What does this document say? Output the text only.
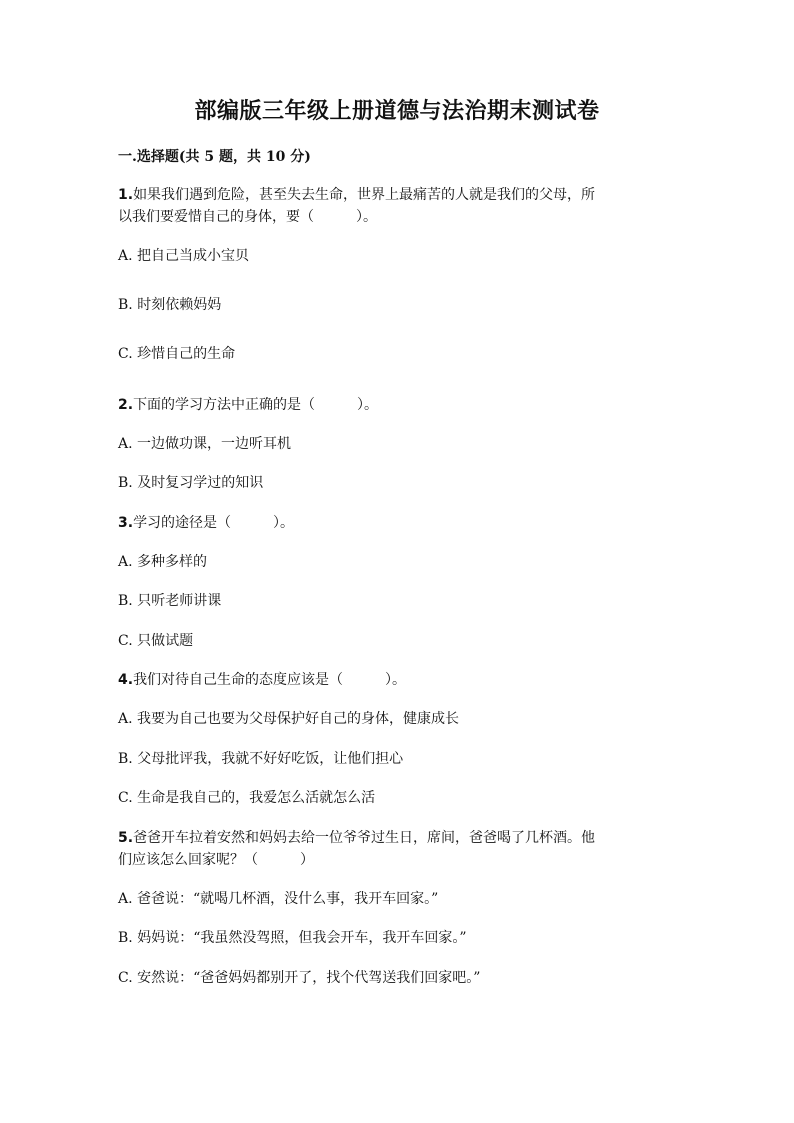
部编版三年级上册道德与法治期末测试卷
一.选择题(共 5 题，共 10 分)
1.如果我们遇到危险，甚至失去生命，世界上最痛苦的人就是我们的父母，所
以我们要爱惜自己的身体，要（　　　）。
A. 把自己当成小宝贝
B. 时刻依赖妈妈
C. 珍惜自己的生命
2.下面的学习方法中正确的是（　　　）。
A. 一边做功课，一边听耳机
B. 及时复习学过的知识
3.学习的途径是（　　　）。
A. 多种多样的
B. 只听老师讲课
C. 只做试题
4.我们对待自己生命的态度应该是（　　　）。
A. 我要为自己也要为父母保护好自己的身体，健康成长
B. 父母批评我，我就不好好吃饭，让他们担心
C. 生命是我自己的，我爱怎么活就怎么活
5.爸爸开车拉着安然和妈妈去给一位爷爷过生日，席间，爸爸喝了几杯酒。他
们应该怎么回家呢？（　　　）
A. 爸爸说：“就喝几杯酒，没什么事，我开车回家。”
B. 妈妈说：“我虽然没驾照，但我会开车，我开车回家。”
C. 安然说：“爸爸妈妈都别开了，找个代驾送我们回家吧。”
